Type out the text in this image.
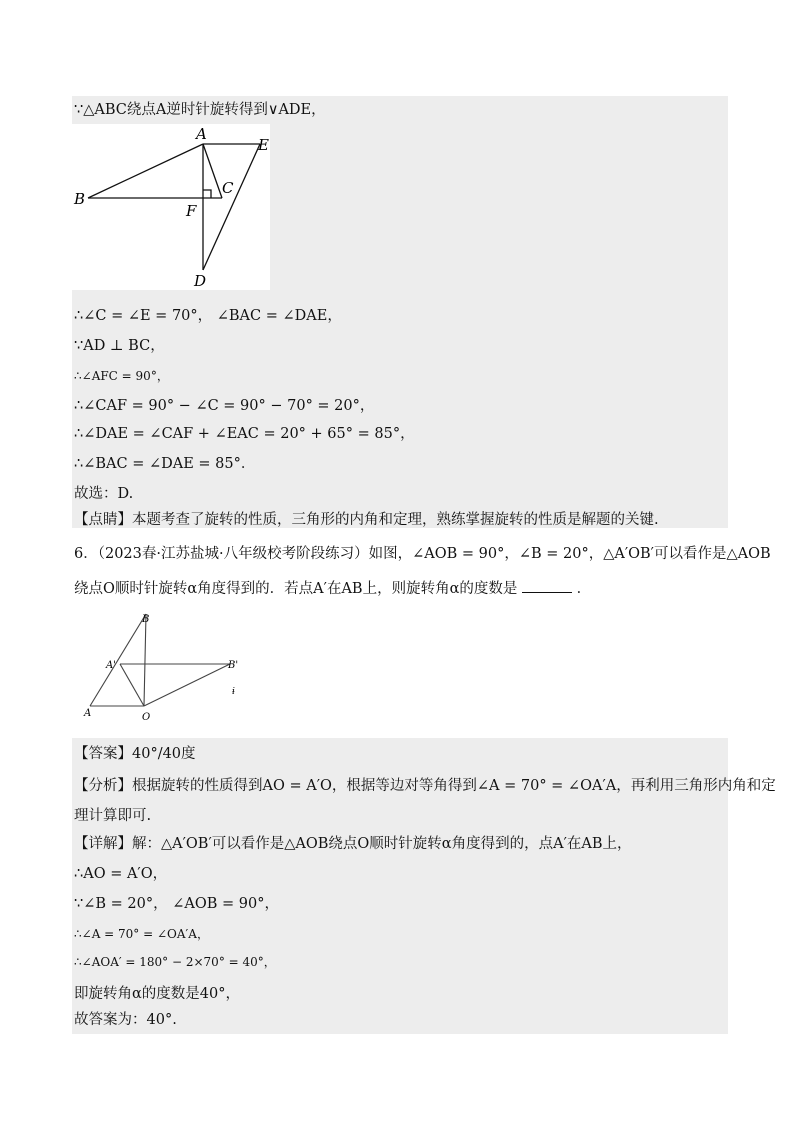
∵△ABC绕点A逆时针旋转得到∨ADE，
A
E
B
C
F
D
∴∠C = ∠E = 70°， ∠BAC = ∠DAE，
∵AD ⊥ BC，
∴∠AFC = 90°，
∴∠CAF = 90° − ∠C = 90° − 70° = 20°，
∴∠DAE = ∠CAF + ∠EAC = 20° + 65° = 85°，
∴∠BAC = ∠DAE = 85°．
故选：D.
【点睛】本题考查了旋转的性质，三角形的内角和定理，熟练掌握旋转的性质是解题的关键.
6．（2023春·江苏盐城·八年级校考阶段练习）如图，∠AOB = 90°，∠B = 20°，△A′OB′可以看作是△AOB
绕点O顺时针旋转α角度得到的．若点A′在AB上，则旋转角α的度数是	．
B
A'	B'
A	O
ɨ
【答案】40°/40度
【分析】根据旋转的性质得到AO = A′O，根据等边对等角得到∠A = 70° = ∠OA′A，再利用三角形内角和定
理计算即可.
【详解】解：△A′OB′可以看作是△AOB绕点O顺时针旋转α角度得到的，点A′在AB上，
∴AO = A′O，
∵∠B = 20°， ∠AOB = 90°，
∴∠A = 70° = ∠OA′A，
∴∠AOA′ = 180° − 2×70° = 40°，
即旋转角α的度数是40°，
故答案为：40°.
